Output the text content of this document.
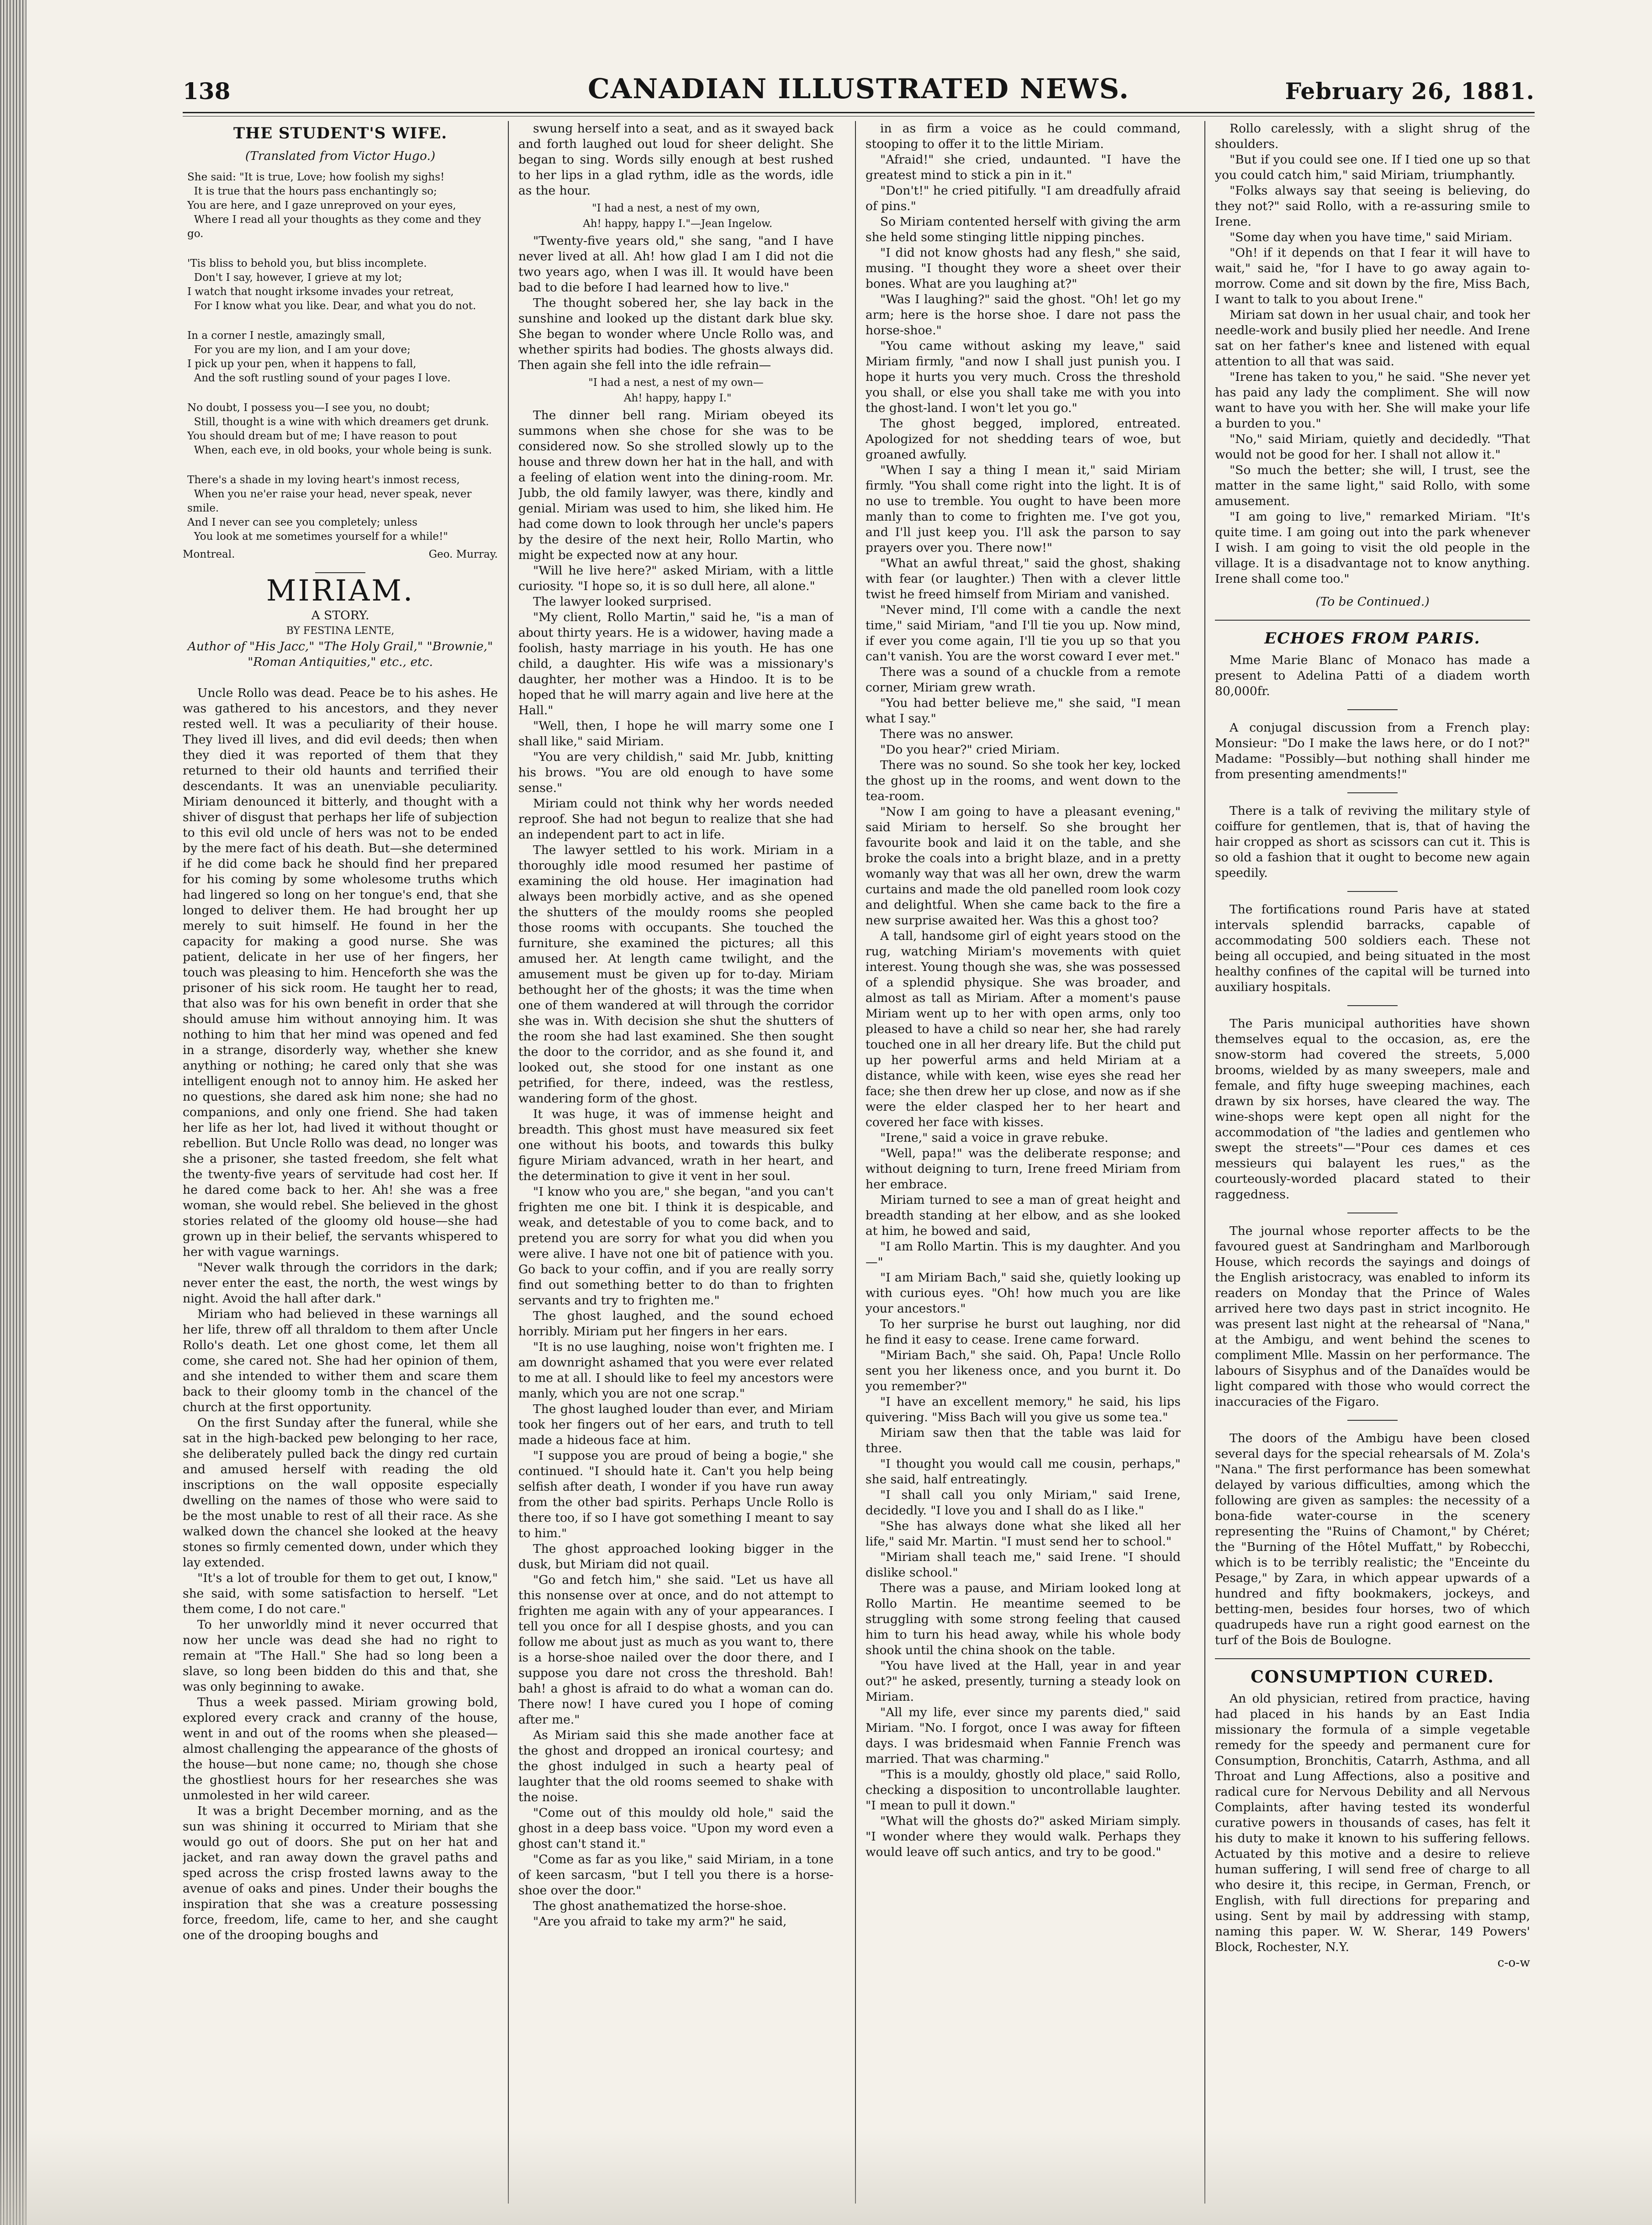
138	CANADIAN ILLUSTRATED NEWS.	February 26, 1881.

THE STUDENT'S WIFE.

(Translated from Victor Hugo.)

She said: "It is true, Love; how foolish my sighs!
It is true that the hours pass enchantingly so;
You are here, and I gaze unreproved on your eyes,
Where I read all your thoughts as they come and they go.

'Tis bliss to behold you, but bliss incomplete.
Don't I say, however, I grieve at my lot;
I watch that nought irksome invades your retreat,
For I know what you like. Dear, and what you do not.

In a corner I nestle, amazingly small,
For you are my lion, and I am your dove;
I pick up your pen, when it happens to fall,
And the soft rustling sound of your pages I love.

No doubt, I possess you—I see you, no doubt;
Still, thought is a wine with which dreamers get drunk.
You should dream but of me; I have reason to pout
When, each eve, in old books, your whole being is sunk.

There's a shade in my loving heart's inmost recess,
When you ne'er raise your head, never speak, never smile.
And I never can see you completely; unless
You look at me sometimes yourself for a while!"

Montreal.	Geo. Murray.

MIRIAM.

A STORY.

BY FESTINA LENTE,

Author of "His Jacc," "The Holy Grail," "Brownie," "Roman Antiquities," etc., etc.

Uncle Rollo was dead. Peace be to his ashes. He was gathered to his ancestors, and they never rested well. It was a peculiarity of their house. They lived ill lives, and did evil deeds; then when they died it was reported of them that they returned to their old haunts and terrified their descendants. It was an unenviable peculiarity. Miriam denounced it bitterly, and thought with a shiver of disgust that perhaps her life of subjection to this evil old uncle of hers was not to be ended by the mere fact of his death. But—she determined if he did come back he should find her prepared for his coming by some wholesome truths which had lingered so long on her tongue's end, that she longed to deliver them. He had brought her up merely to suit himself. He found in her the capacity for making a good nurse. She was patient, delicate in her use of her fingers, her touch was pleasing to him. Henceforth she was the prisoner of his sick room. He taught her to read, that also was for his own benefit in order that she should amuse him without annoying him. It was nothing to him that her mind was opened and fed in a strange, disorderly way, whether she knew anything or nothing; he cared only that she was intelligent enough not to annoy him. He asked her no questions, she dared ask him none; she had no companions, and only one friend. She had taken her life as her lot, had lived it without thought or rebellion. But Uncle Rollo was dead, no longer was she a prisoner, she tasted freedom, she felt what the twenty-five years of servitude had cost her. If he dared come back to her. Ah! she was a free woman, she would rebel. She believed in the ghost stories related of the gloomy old house—she had grown up in their belief, the servants whispered to her with vague warnings.

"Never walk through the corridors in the dark; never enter the east, the north, the west wings by night. Avoid the hall after dark."

Miriam who had believed in these warnings all her life, threw off all thraldom to them after Uncle Rollo's death. Let one ghost come, let them all come, she cared not. She had her opinion of them, and she intended to wither them and scare them back to their gloomy tomb in the chancel of the church at the first opportunity.

On the first Sunday after the funeral, while she sat in the high-backed pew belonging to her race, she deliberately pulled back the dingy red curtain and amused herself with reading the old inscriptions on the wall opposite especially dwelling on the names of those who were said to be the most unable to rest of all their race. As she walked down the chancel she looked at the heavy stones so firmly cemented down, under which they lay extended.

"It's a lot of trouble for them to get out, I know," she said, with some satisfaction to herself. "Let them come, I do not care."

To her unworldly mind it never occurred that now her uncle was dead she had no right to remain at "The Hall." She had so long been a slave, so long been bidden do this and that, she was only beginning to awake.

Thus a week passed. Miriam growing bold, explored every crack and cranny of the house, went in and out of the rooms when she pleased—almost challenging the appearance of the ghosts of the house—but none came; no, though she chose the ghostliest hours for her researches she was unmolested in her wild career.

It was a bright December morning, and as the sun was shining it occurred to Miriam that she would go out of doors. She put on her hat and jacket, and ran away down the gravel paths and sped across the crisp frosted lawns away to the avenue of oaks and pines. Under their boughs the inspiration that she was a creature possessing force, freedom, life, came to her, and she caught one of the drooping boughs and

swung herself into a seat, and as it swayed back and forth laughed out loud for sheer delight. She began to sing. Words silly enough at best rushed to her lips in a glad rythm, idle as the words, idle as the hour.

"I had a nest, a nest of my own,
Ah! happy, happy I."—Jean Ingelow.

"Twenty-five years old," she sang, "and I have never lived at all. Ah! how glad I am I did not die two years ago, when I was ill. It would have been bad to die before I had learned how to live."

The thought sobered her, she lay back in the sunshine and looked up the distant dark blue sky. She began to wonder where Uncle Rollo was, and whether spirits had bodies. The ghosts always did. Then again she fell into the idle refrain—

"I had a nest, a nest of my own—
Ah! happy, happy I."

The dinner bell rang. Miriam obeyed its summons when she chose for she was to be considered now. So she strolled slowly up to the house and threw down her hat in the hall, and with a feeling of elation went into the dining-room. Mr. Jubb, the old family lawyer, was there, kindly and genial. Miriam was used to him, she liked him. He had come down to look through her uncle's papers by the desire of the next heir, Rollo Martin, who might be expected now at any hour.

"Will he live here?" asked Miriam, with a little curiosity. "I hope so, it is so dull here, all alone."

The lawyer looked surprised.

"My client, Rollo Martin," said he, "is a man of about thirty years. He is a widower, having made a foolish, hasty marriage in his youth. He has one child, a daughter. His wife was a missionary's daughter, her mother was a Hindoo. It is to be hoped that he will marry again and live here at the Hall."

"Well, then, I hope he will marry some one I shall like," said Miriam.

"You are very childish," said Mr. Jubb, knitting his brows. "You are old enough to have some sense."

Miriam could not think why her words needed reproof. She had not begun to realize that she had an independent part to act in life.

The lawyer settled to his work. Miriam in a thoroughly idle mood resumed her pastime of examining the old house. Her imagination had always been morbidly active, and as she opened the shutters of the mouldy rooms she peopled those rooms with occupants. She touched the furniture, she examined the pictures; all this amused her. At length came twilight, and the amusement must be given up for to-day. Miriam bethought her of the ghosts; it was the time when one of them wandered at will through the corridor she was in. With decision she shut the shutters of the room she had last examined. She then sought the door to the corridor, and as she found it, and looked out, she stood for one instant as one petrified, for there, indeed, was the restless, wandering form of the ghost.

It was huge, it was of immense height and breadth. This ghost must have measured six feet one without his boots, and towards this bulky figure Miriam advanced, wrath in her heart, and the determination to give it vent in her soul.

"I know who you are," she began, "and you can't frighten me one bit. I think it is despicable, and weak, and detestable of you to come back, and to pretend you are sorry for what you did when you were alive. I have not one bit of patience with you. Go back to your coffin, and if you are really sorry find out something better to do than to frighten servants and try to frighten me."

The ghost laughed, and the sound echoed horribly. Miriam put her fingers in her ears.

"It is no use laughing, noise won't frighten me. I am downright ashamed that you were ever related to me at all. I should like to feel my ancestors were manly, which you are not one scrap."

The ghost laughed louder than ever, and Miriam took her fingers out of her ears, and truth to tell made a hideous face at him.

"I suppose you are proud of being a bogie," she continued. "I should hate it. Can't you help being selfish after death, I wonder if you have run away from the other bad spirits. Perhaps Uncle Rollo is there too, if so I have got something I meant to say to him."

The ghost approached looking bigger in the dusk, but Miriam did not quail.

"Go and fetch him," she said. "Let us have all this nonsense over at once, and do not attempt to frighten me again with any of your appearances. I tell you once for all I despise ghosts, and you can follow me about just as much as you want to, there is a horse-shoe nailed over the door there, and I suppose you dare not cross the threshold. Bah! bah! a ghost is afraid to do what a woman can do. There now! I have cured you I hope of coming after me."

As Miriam said this she made another face at the ghost and dropped an ironical courtesy; and the ghost indulged in such a hearty peal of laughter that the old rooms seemed to shake with the noise.

"Come out of this mouldy old hole," said the ghost in a deep bass voice. "Upon my word even a ghost can't stand it."

"Come as far as you like," said Miriam, in a tone of keen sarcasm, "but I tell you there is a horse-shoe over the door."

The ghost anathematized the horse-shoe.

"Are you afraid to take my arm?" he said,

in as firm a voice as he could command, stooping to offer it to the little Miriam.

"Afraid!" she cried, undaunted. "I have the greatest mind to stick a pin in it."

"Don't!" he cried pitifully. "I am dreadfully afraid of pins."

So Miriam contented herself with giving the arm she held some stinging little nipping pinches.

"I did not know ghosts had any flesh," she said, musing. "I thought they wore a sheet over their bones. What are you laughing at?"

"Was I laughing?" said the ghost. "Oh! let go my arm; here is the horse shoe. I dare not pass the horse-shoe."

"You came without asking my leave," said Miriam firmly, "and now I shall just punish you. I hope it hurts you very much. Cross the threshold you shall, or else you shall take me with you into the ghost-land. I won't let you go."

The ghost begged, implored, entreated. Apologized for not shedding tears of woe, but groaned awfully.

"When I say a thing I mean it," said Miriam firmly. "You shall come right into the light. It is of no use to tremble. You ought to have been more manly than to come to frighten me. I've got you, and I'll just keep you. I'll ask the parson to say prayers over you. There now!"

"What an awful threat," said the ghost, shaking with fear (or laughter.) Then with a clever little twist he freed himself from Miriam and vanished.

"Never mind, I'll come with a candle the next time," said Miriam, "and I'll tie you up. Now mind, if ever you come again, I'll tie you up so that you can't vanish. You are the worst coward I ever met."

There was a sound of a chuckle from a remote corner, Miriam grew wrath.

"You had better believe me," she said, "I mean what I say."

There was no answer.

"Do you hear?" cried Miriam.

There was no sound. So she took her key, locked the ghost up in the rooms, and went down to the tea-room.

"Now I am going to have a pleasant evening," said Miriam to herself. So she brought her favourite book and laid it on the table, and she broke the coals into a bright blaze, and in a pretty womanly way that was all her own, drew the warm curtains and made the old panelled room look cozy and delightful. When she came back to the fire a new surprise awaited her. Was this a ghost too?

A tall, handsome girl of eight years stood on the rug, watching Miriam's movements with quiet interest. Young though she was, she was possessed of a splendid physique. She was broader, and almost as tall as Miriam. After a moment's pause Miriam went up to her with open arms, only too pleased to have a child so near her, she had rarely touched one in all her dreary life. But the child put up her powerful arms and held Miriam at a distance, while with keen, wise eyes she read her face; she then drew her up close, and now as if she were the elder clasped her to her heart and covered her face with kisses.

"Irene," said a voice in grave rebuke.

"Well, papa!" was the deliberate response; and without deigning to turn, Irene freed Miriam from her embrace.

Miriam turned to see a man of great height and breadth standing at her elbow, and as she looked at him, he bowed and said,

"I am Rollo Martin. This is my daughter. And you—"

"I am Miriam Bach," said she, quietly looking up with curious eyes. "Oh! how much you are like your ancestors."

To her surprise he burst out laughing, nor did he find it easy to cease. Irene came forward.

"Miriam Bach," she said. Oh, Papa! Uncle Rollo sent you her likeness once, and you burnt it. Do you remember?"

"I have an excellent memory," he said, his lips quivering. "Miss Bach will you give us some tea."

Miriam saw then that the table was laid for three.

"I thought you would call me cousin, perhaps," she said, half entreatingly.

"I shall call you only Miriam," said Irene, decidedly. "I love you and I shall do as I like."

"She has always done what she liked all her life," said Mr. Martin. "I must send her to school."

"Miriam shall teach me," said Irene. "I should dislike school."

There was a pause, and Miriam looked long at Rollo Martin. He meantime seemed to be struggling with some strong feeling that caused him to turn his head away, while his whole body shook until the china shook on the table.

"You have lived at the Hall, year in and year out?" he asked, presently, turning a steady look on Miriam.

"All my life, ever since my parents died," said Miriam. "No. I forgot, once I was away for fifteen days. I was bridesmaid when Fannie French was married. That was charming."

"This is a mouldy, ghostly old place," said Rollo, checking a disposition to uncontrollable laughter. "I mean to pull it down."

"What will the ghosts do?" asked Miriam simply. "I wonder where they would walk. Perhaps they would leave off such antics, and try to be good."

Rollo carelessly, with a slight shrug of the shoulders.

"But if you could see one. If I tied one up so that you could catch him," said Miriam, triumphantly.

"Folks always say that seeing is believing, do they not?" said Rollo, with a re-assuring smile to Irene.

"Some day when you have time," said Miriam.

"Oh! if it depends on that I fear it will have to wait," said he, "for I have to go away again to-morrow. Come and sit down by the fire, Miss Bach, I want to talk to you about Irene."

Miriam sat down in her usual chair, and took her needle-work and busily plied her needle. And Irene sat on her father's knee and listened with equal attention to all that was said.

"Irene has taken to you," he said. "She never yet has paid any lady the compliment. She will now want to have you with her. She will make your life a burden to you."

"No," said Miriam, quietly and decidedly. "That would not be good for her. I shall not allow it."

"So much the better; she will, I trust, see the matter in the same light," said Rollo, with some amusement.

"I am going to live," remarked Miriam. "It's quite time. I am going out into the park whenever I wish. I am going to visit the old people in the village. It is a disadvantage not to know anything. Irene shall come too."

(To be Continued.)

ECHOES FROM PARIS.

Mme Marie Blanc of Monaco has made a present to Adelina Patti of a diadem worth 80,000fr.

A conjugal discussion from a French play: Monsieur: "Do I make the laws here, or do I not?" Madame: "Possibly—but nothing shall hinder me from presenting amendments!"

There is a talk of reviving the military style of coiffure for gentlemen, that is, that of having the hair cropped as short as scissors can cut it. This is so old a fashion that it ought to become new again speedily.

The fortifications round Paris have at stated intervals splendid barracks, capable of accommodating 500 soldiers each. These not being all occupied, and being situated in the most healthy confines of the capital will be turned into auxiliary hospitals.

The Paris municipal authorities have shown themselves equal to the occasion, as, ere the snow-storm had covered the streets, 5,000 brooms, wielded by as many sweepers, male and female, and fifty huge sweeping machines, each drawn by six horses, have cleared the way. The wine-shops were kept open all night for the accommodation of "the ladies and gentlemen who swept the streets"—"Pour ces dames et ces messieurs qui balayent les rues," as the courteously-worded placard stated to their raggedness.

The journal whose reporter affects to be the favoured guest at Sandringham and Marlborough House, which records the sayings and doings of the English aristocracy, was enabled to inform its readers on Monday that the Prince of Wales arrived here two days past in strict incognito. He was present last night at the rehearsal of "Nana," at the Ambigu, and went behind the scenes to compliment Mlle. Massin on her performance. The labours of Sisyphus and of the Danaïdes would be light compared with those who would correct the inaccuracies of the Figaro.

The doors of the Ambigu have been closed several days for the special rehearsals of M. Zola's "Nana." The first performance has been somewhat delayed by various difficulties, among which the following are given as samples: the necessity of a bona-fide water-course in the scenery representing the "Ruins of Chamont," by Chéret; the "Burning of the Hôtel Muffatt," by Robecchi, which is to be terribly realistic; the "Enceinte du Pesage," by Zara, in which appear upwards of a hundred and fifty bookmakers, jockeys, and betting-men, besides four horses, two of which quadrupeds have run a right good earnest on the turf of the Bois de Boulogne.

CONSUMPTION CURED.

An old physician, retired from practice, having had placed in his hands by an East India missionary the formula of a simple vegetable remedy for the speedy and permanent cure for Consumption, Bronchitis, Catarrh, Asthma, and all Throat and Lung Affections, also a positive and radical cure for Nervous Debility and all Nervous Complaints, after having tested its wonderful curative powers in thousands of cases, has felt it his duty to make it known to his suffering fellows. Actuated by this motive and a desire to relieve human suffering, I will send free of charge to all who desire it, this recipe, in German, French, or English, with full directions for preparing and using. Sent by mail by addressing with stamp, naming this paper. W. W. Sherar, 149 Powers' Block, Rochester, N.Y.

c-o-w
